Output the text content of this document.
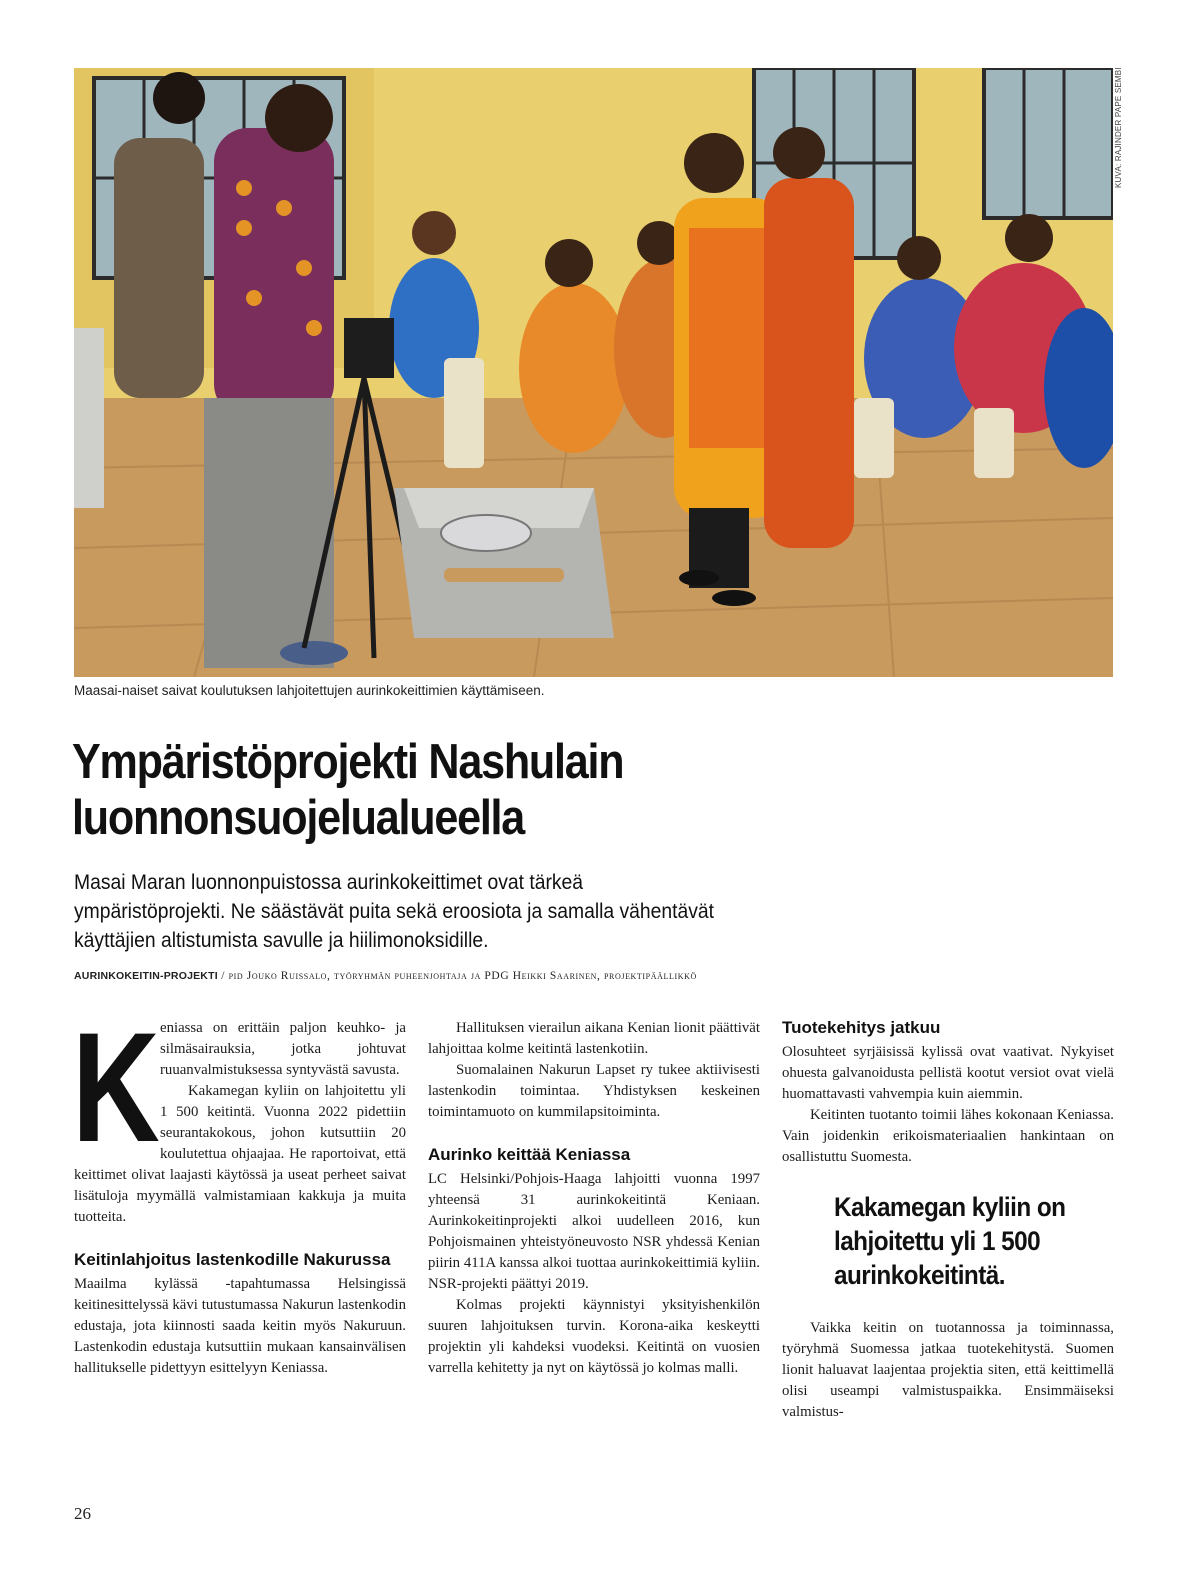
KUVA: RAJINDER PAPE SEMBI
Maasai-naiset saivat koulutuksen lahjoitettujen aurinkokeittimien käyttämiseen.
Ympäristöprojekti Nashulain luonnonsuojelualueella

Masai Maran luonnonpuistossa aurinkokeittimet ovat tärkeä ympäristöprojekti. Ne säästävät puita sekä eroosiota ja samalla vähentävät käyttäjien altistumista savulle ja hiilimonoksidille.

AURINKOKEITIN-PROJEKTI / pid Jouko Ruissalo, työryhmän puheenjohtaja ja PDG Heikki Saarinen, projektipäällikkö
K eniassa on erittäin paljon keuhko- ja silmäsairauksia, jotka johtuvat ruuanvalmistuksessa syntyvästä savusta.

Kakamegan kyliin on lahjoitettu yli 1 500 keitintä. Vuonna 2022 pidettiin seurantakokous, johon kutsuttiin 20 koulutettua ohjaajaa. He raportoivat, että keittimet olivat laajasti käytössä ja useat perheet saivat lisätuloja myymällä valmistamiaan kakkuja ja muita tuotteita.

Keitinlahjoitus lastenkodille Nakurussa

Maailma kylässä -tapahtumassa Helsingissä keitinesittelyssä kävi tutustumassa Nakurun lastenkodin edustaja, jota kiinnosti saada keitin myös Nakuruun. Lastenkodin edustaja kutsuttiin mukaan kansainvälisen hallitukselle pidettyyn esittelyyn Keniassa.

Hallituksen vierailun aikana Kenian lionit päättivät lahjoittaa kolme keitintä lastenkotiin.

Suomalainen Nakurun Lapset ry tukee aktiivisesti lastenkodin toimintaa. Yhdistyksen keskeinen toimintamuoto on kummilapsitoiminta.

Aurinko keittää Keniassa

LC Helsinki/Pohjois-Haaga lahjoitti vuonna 1997 yhteensä 31 aurinkokeitintä Keniaan. Aurinkokeitinprojekti alkoi uudelleen 2016, kun Pohjoismainen yhteistyöneuvosto NSR yhdessä Kenian piirin 411A kanssa alkoi tuottaa aurinkokeittimiä kyliin. NSR-projekti päättyi 2019.

Kolmas projekti käynnistyi yksityishenkilön suuren lahjoituksen turvin. Korona-aika keskeytti projektin yli kahdeksi vuodeksi. Keitintä on vuosien varrella kehitetty ja nyt on käytössä jo kolmas malli.

Tuotekehitys jatkuu

Olosuhteet syrjäisissä kylissä ovat vaativat. Nykyiset ohuesta galvanoidusta pellistä kootut versiot ovat vielä huomattavasti vahvempia kuin aiemmin.

Keitinten tuotanto toimii lähes kokonaan Keniassa. Vain joidenkin erikoismateriaalien hankintaan on osallistuttu Suomesta.

Kakamegan kyliin on lahjoitettu yli 1 500 aurinkokeitintä.

Vaikka keitin on tuotannossa ja toiminnassa, työryhmä Suomessa jatkaa tuotekehitystä. Suomen lionit haluavat laajentaa projektia siten, että keittimellä olisi useampi valmistuspaikka. Ensimmäiseksi valmistus-

26
